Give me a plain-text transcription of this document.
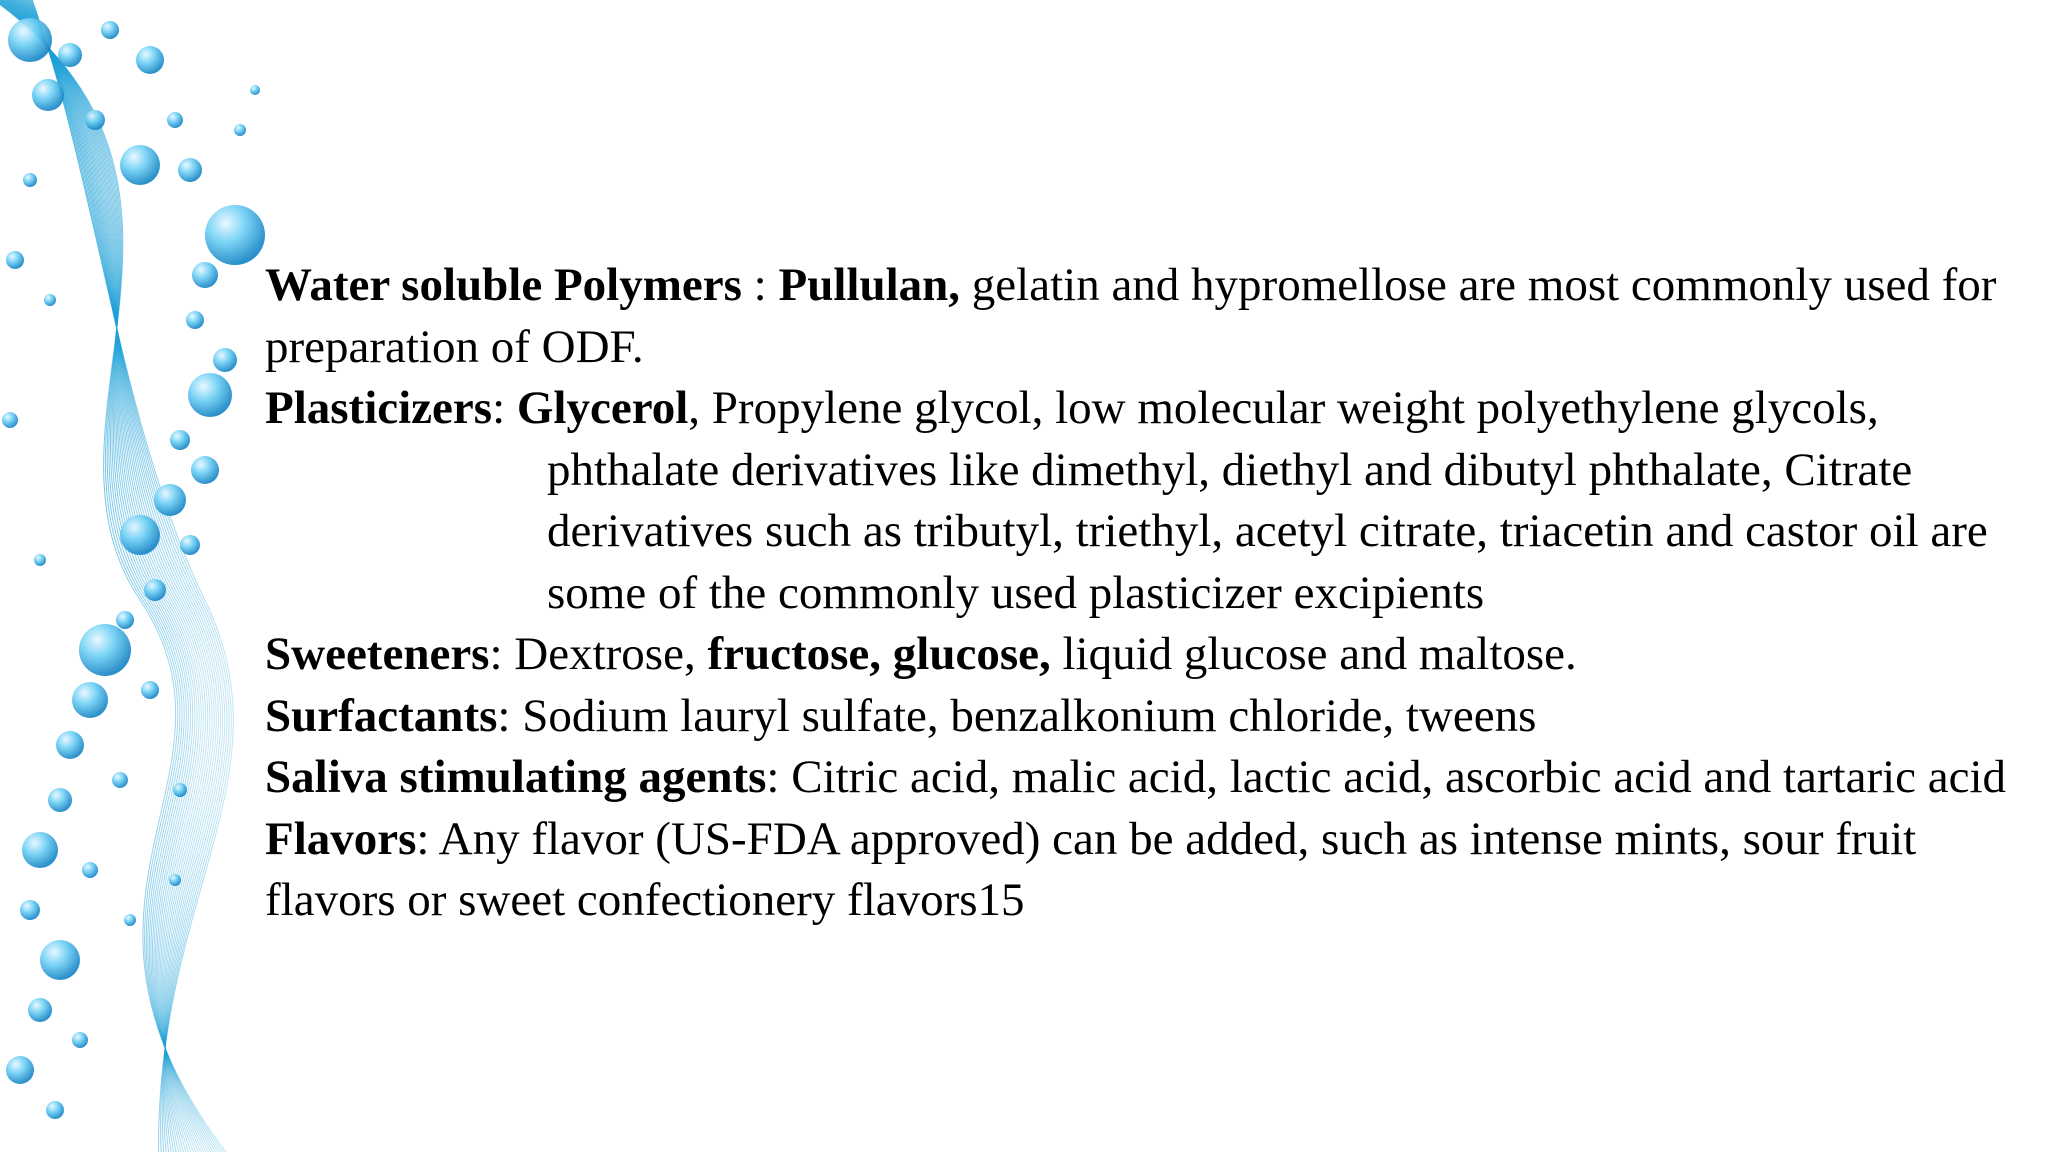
Water soluble Polymers : Pullulan, gelatin and hypromellose are most commonly used for preparation of ODF.

Plasticizers: Glycerol, Propylene glycol, low molecular weight polyethylene glycols, phthalate derivatives like dimethyl, diethyl and dibutyl phthalate, Citrate derivatives such as tributyl, triethyl, acetyl citrate, triacetin and castor oil are some of the commonly used plasticizer excipients

Sweeteners: Dextrose, fructose, glucose, liquid glucose and maltose.

Surfactants: Sodium lauryl sulfate, benzalkonium chloride, tweens

Saliva stimulating agents: Citric acid, malic acid, lactic acid, ascorbic acid and tartaric acid

Flavors: Any flavor (US-FDA approved) can be added, such as intense mints, sour fruit flavors or sweet confectionery flavors15
